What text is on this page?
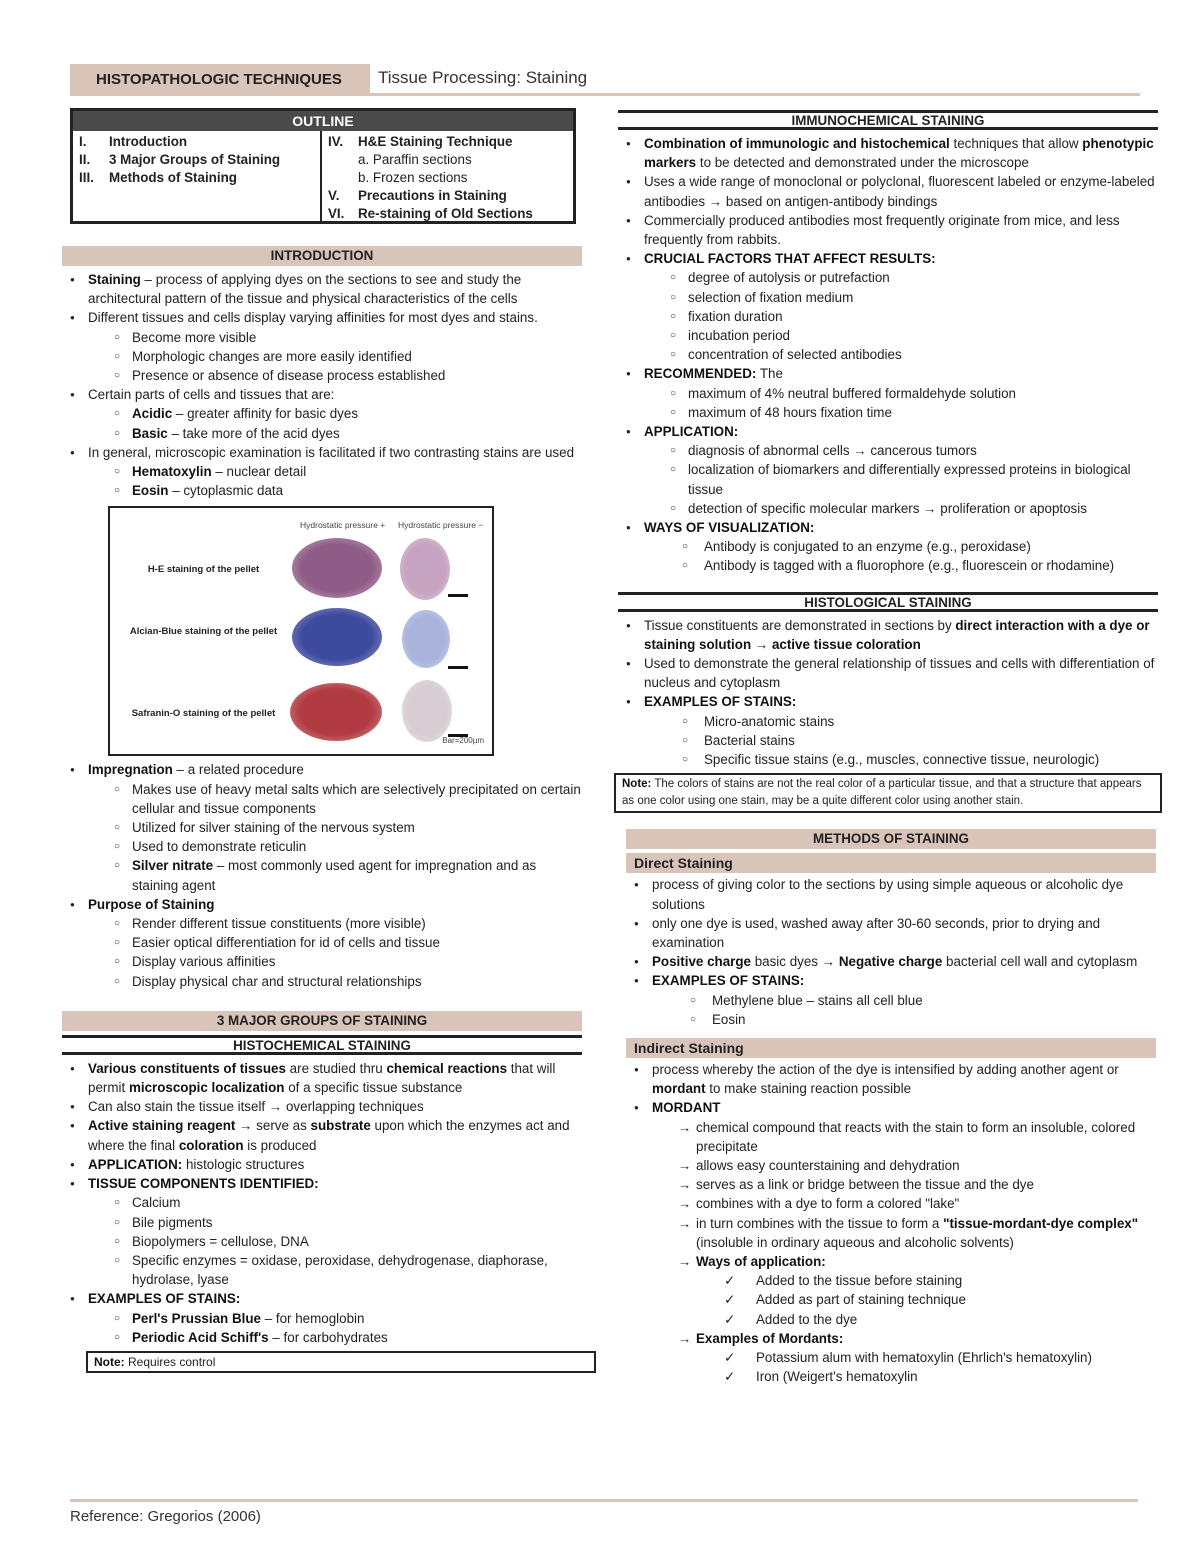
HISTOPATHOLOGIC TECHNIQUES Tissue Processing: Staining
OUTLINE
I.	Introduction
II.	3 Major Groups of Staining
III.	Methods of Staining
IV.	H&E Staining Technique
a. Paraffin sections
b. Frozen sections
V.	Precautions in Staining
VI.	Re-staining of Old Sections
INTRODUCTION
● Staining – process of applying dyes on the sections to see and study the architectural pattern of the tissue and physical characteristics of the cells
● Different tissues and cells display varying affinities for most dyes and stains.
○ Become more visible
○ Morphologic changes are more easily identified
○ Presence or absence of disease process established
● Certain parts of cells and tissues that are:
○ Acidic – greater affinity for basic dyes
○ Basic – take more of the acid dyes
● In general, microscopic examination is facilitated if two contrasting stains are used
○ Hematoxylin – nuclear detail
○ Eosin – cytoplasmic data
Hydrostatic pressure + Hydrostatic pressure −
H-E staining of the pellet
Alcian-Blue staining of the pellet
Safranin-O staining of the pellet
Bar=200µm
● Impregnation – a related procedure
○ Makes use of heavy metal salts which are selectively precipitated on certain cellular and tissue components
○ Utilized for silver staining of the nervous system
○ Used to demonstrate reticulin
○ Silver nitrate – most commonly used agent for impregnation and as staining agent
● Purpose of Staining
○ Render different tissue constituents (more visible)
○ Easier optical differentiation for id of cells and tissue
○ Display various affinities
○ Display physical char and structural relationships
3 MAJOR GROUPS OF STAINING
HISTOCHEMICAL STAINING
● Various constituents of tissues are studied thru chemical reactions that will permit microscopic localization of a specific tissue substance
● Can also stain the tissue itself → overlapping techniques
● Active staining reagent → serve as substrate upon which the enzymes act and where the final coloration is produced
● APPLICATION: histologic structures
● TISSUE COMPONENTS IDENTIFIED:
○ Calcium
○ Bile pigments
○ Biopolymers = cellulose, DNA
○ Specific enzymes = oxidase, peroxidase, dehydrogenase, diaphorase, hydrolase, lyase
● EXAMPLES OF STAINS:
○ Perl's Prussian Blue – for hemoglobin
○ Periodic Acid Schiff's – for carbohydrates
Note: Requires control
IMMUNOCHEMICAL STAINING
● Combination of immunologic and histochemical techniques that allow phenotypic markers to be detected and demonstrated under the microscope
● Uses a wide range of monoclonal or polyclonal, fluorescent labeled or enzyme-labeled antibodies → based on antigen-antibody bindings
● Commercially produced antibodies most frequently originate from mice, and less frequently from rabbits.
● CRUCIAL FACTORS THAT AFFECT RESULTS:
○ degree of autolysis or putrefaction
○ selection of fixation medium
○ fixation duration
○ incubation period
○ concentration of selected antibodies
● RECOMMENDED: The
○ maximum of 4% neutral buffered formaldehyde solution
○ maximum of 48 hours fixation time
● APPLICATION:
○ diagnosis of abnormal cells → cancerous tumors
○ localization of biomarkers and differentially expressed proteins in biological tissue
○ detection of specific molecular markers → proliferation or apoptosis
● WAYS OF VISUALIZATION:
○ Antibody is conjugated to an enzyme (e.g., peroxidase)
○ Antibody is tagged with a fluorophore (e.g., fluorescein or rhodamine)
HISTOLOGICAL STAINING
● Tissue constituents are demonstrated in sections by direct interaction with a dye or staining solution → active tissue coloration
● Used to demonstrate the general relationship of tissues and cells with differentiation of nucleus and cytoplasm
● EXAMPLES OF STAINS:
○ Micro-anatomic stains
○ Bacterial stains
○ Specific tissue stains (e.g., muscles, connective tissue, neurologic)
Note: The colors of stains are not the real color of a particular tissue, and that a structure that appears as one color using one stain, may be a quite different color using another stain.
METHODS OF STAINING
Direct Staining
● process of giving color to the sections by using simple aqueous or alcoholic dye solutions
● only one dye is used, washed away after 30-60 seconds, prior to drying and examination
● Positive charge basic dyes → Negative charge bacterial cell wall and cytoplasm
● EXAMPLES OF STAINS:
○ Methylene blue – stains all cell blue
○ Eosin
Indirect Staining
● process whereby the action of the dye is intensified by adding another agent or mordant to make staining reaction possible
● MORDANT
→ chemical compound that reacts with the stain to form an insoluble, colored precipitate
→ allows easy counterstaining and dehydration
→ serves as a link or bridge between the tissue and the dye
→ combines with a dye to form a colored "lake"
→ in turn combines with the tissue to form a "tissue-mordant-dye complex" (insoluble in ordinary aqueous and alcoholic solvents)
→ Ways of application:
✓ Added to the tissue before staining
✓ Added as part of staining technique
✓ Added to the dye
→ Examples of Mordants:
✓ Potassium alum with hematoxylin (Ehrlich's hematoxylin)
✓ Iron (Weigert's hematoxylin
Reference: Gregorios (2006)
